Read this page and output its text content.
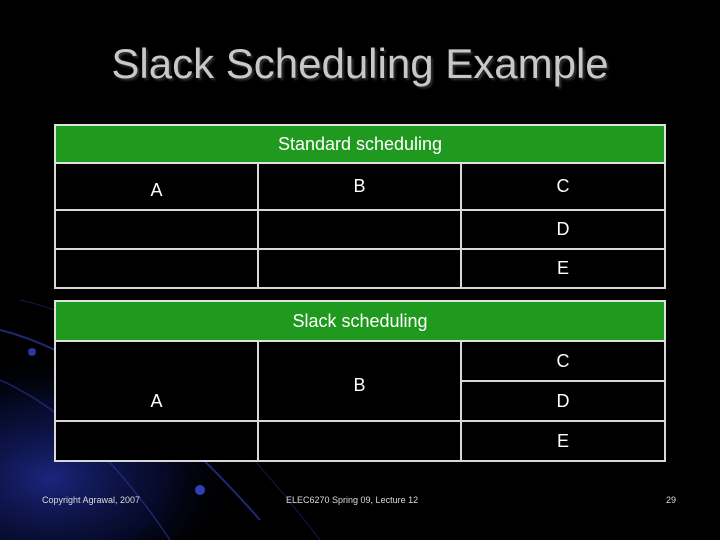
Slack Scheduling Example
Standard scheduling		
A	B	C
		D
		E
Slack scheduling		
A	B	C
		D
		E
Copyright Agrawal, 2007	ELEC6270 Spring 09, Lecture 12	29
